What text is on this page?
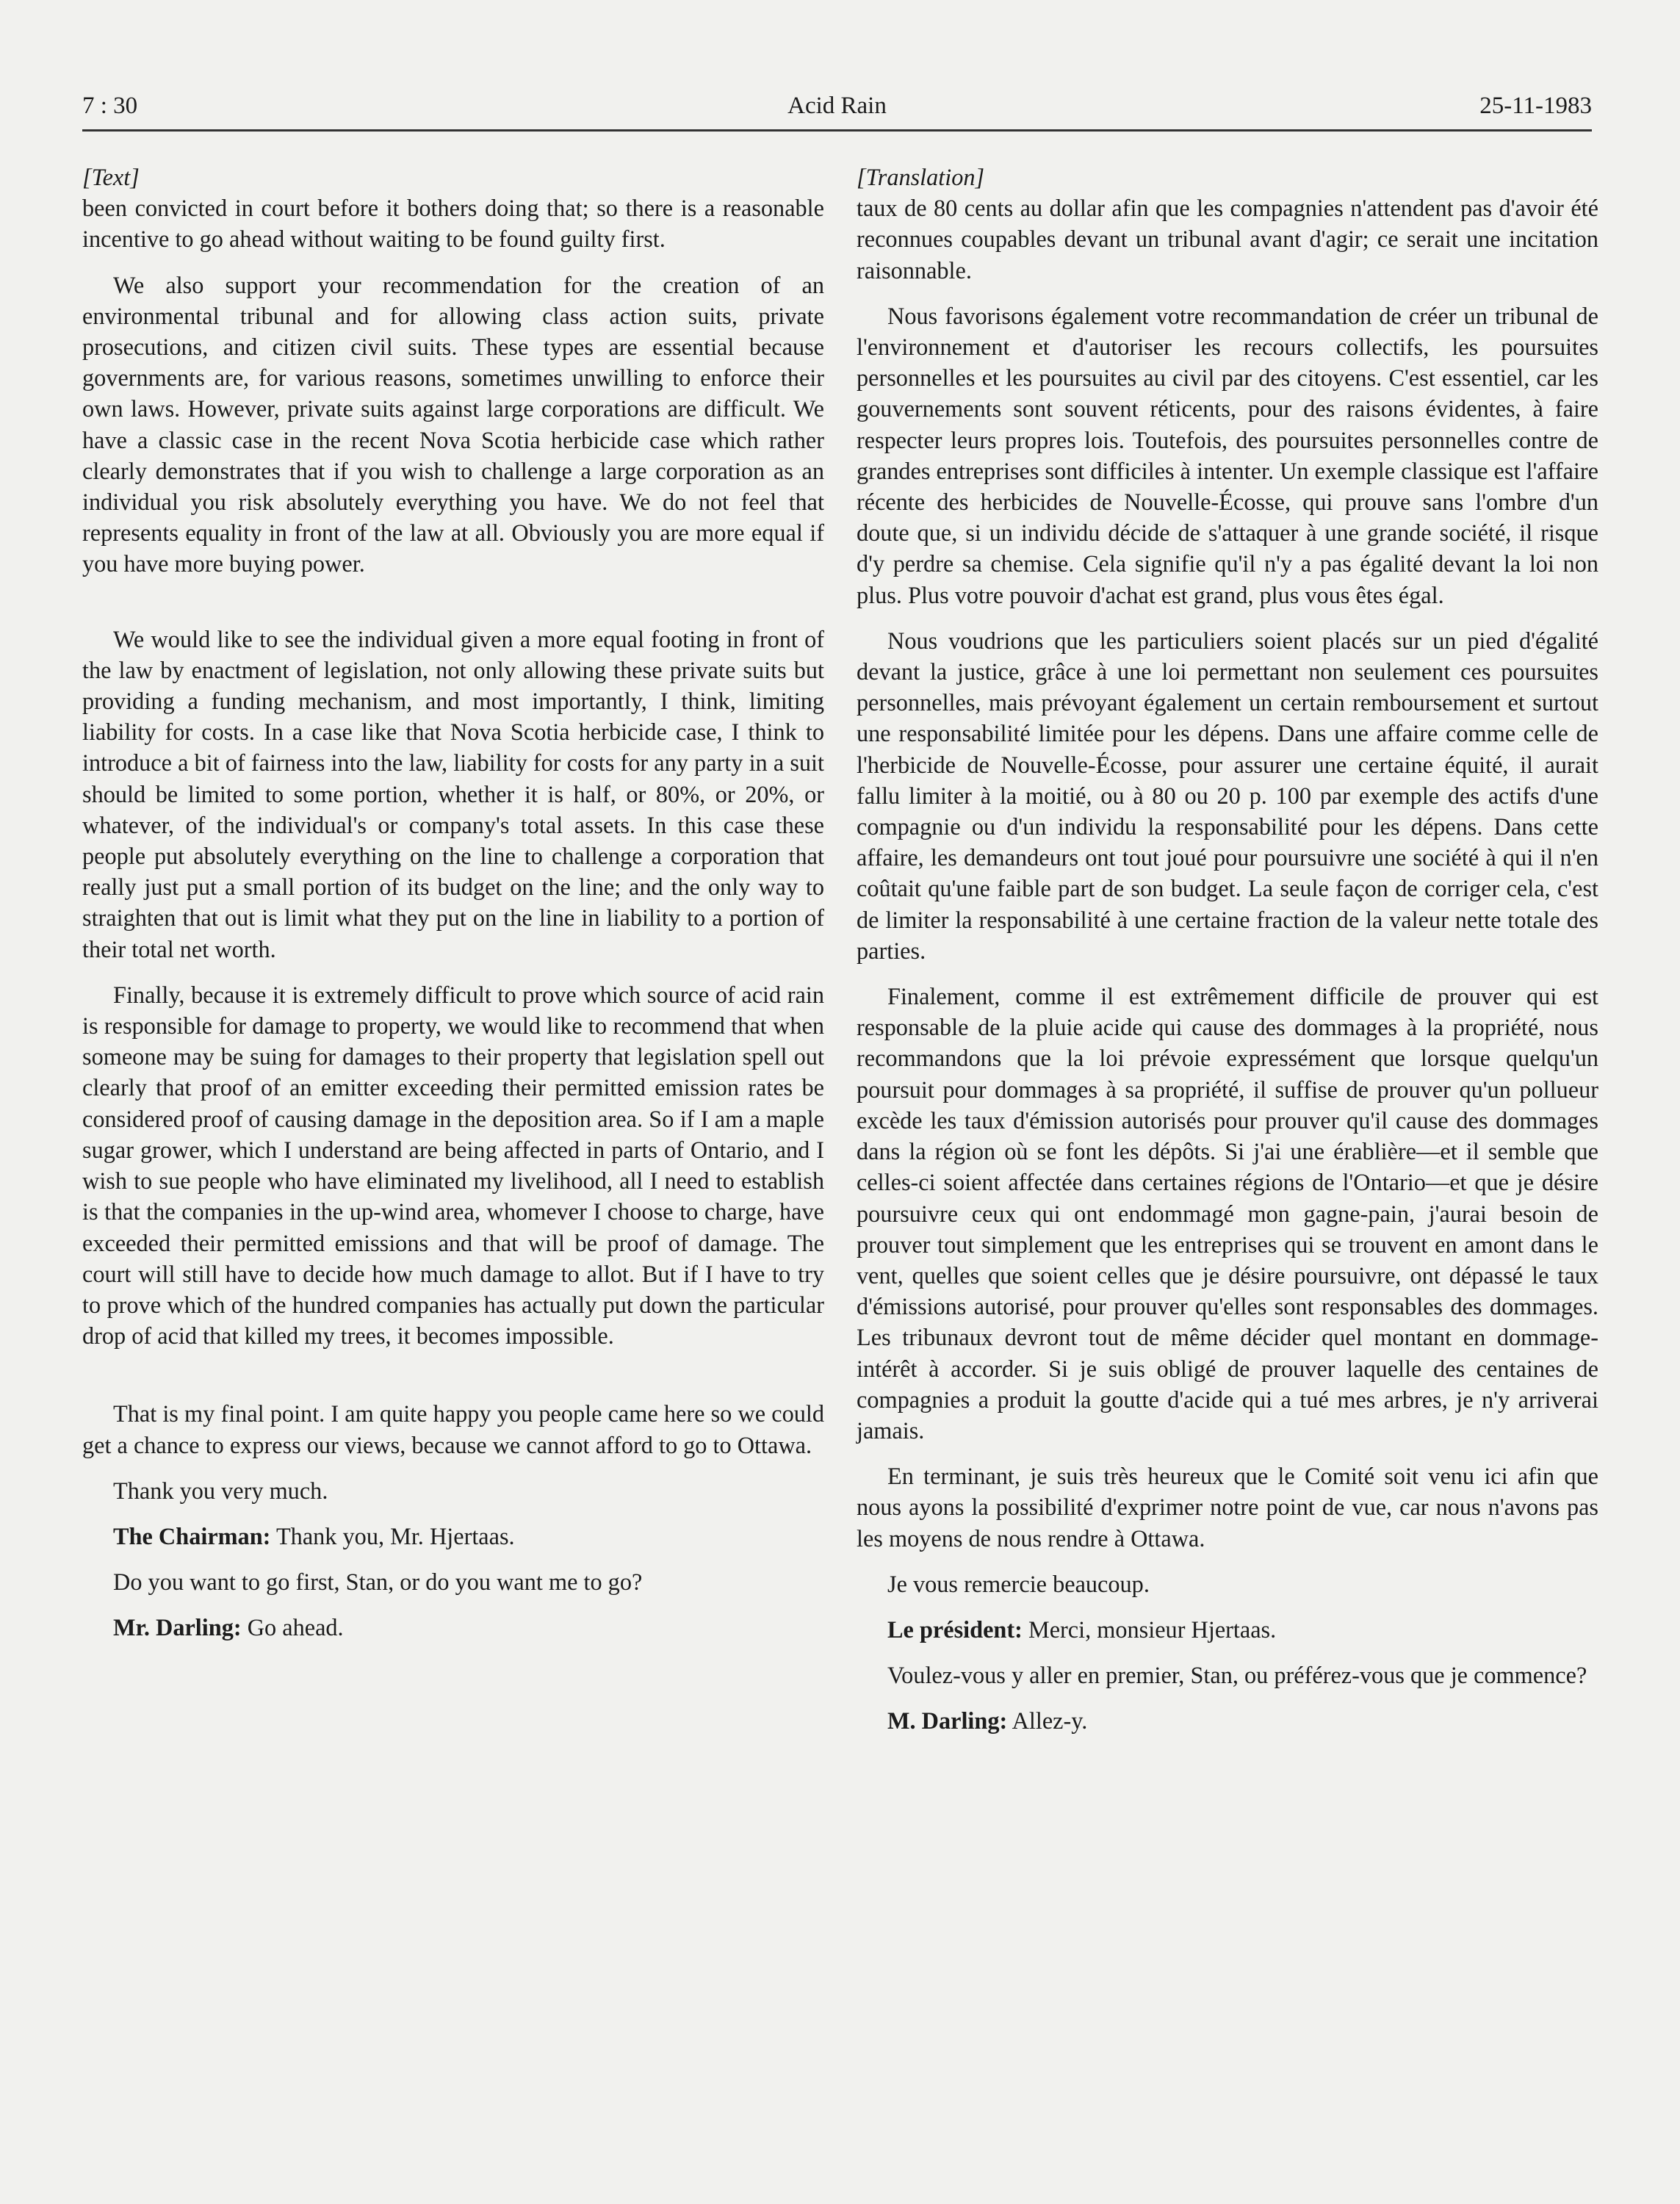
7 : 30	Acid Rain	25-11-1983

[Text]

been convicted in court before it bothers doing that; so there is a reasonable incentive to go ahead without waiting to be found guilty first.

We also support your recommendation for the creation of an environmental tribunal and for allowing class action suits, private prosecutions, and citizen civil suits. These types are essential because governments are, for various reasons, sometimes unwilling to enforce their own laws. However, private suits against large corporations are difficult. We have a classic case in the recent Nova Scotia herbicide case which rather clearly demonstrates that if you wish to challenge a large corporation as an individual you risk absolutely everything you have. We do not feel that represents equality in front of the law at all. Obviously you are more equal if you have more buying power.

We would like to see the individual given a more equal footing in front of the law by enactment of legislation, not only allowing these private suits but providing a funding mechanism, and most importantly, I think, limiting liability for costs. In a case like that Nova Scotia herbicide case, I think to introduce a bit of fairness into the law, liability for costs for any party in a suit should be limited to some portion, whether it is half, or 80%, or 20%, or whatever, of the individual's or company's total assets. In this case these people put absolutely everything on the line to challenge a corporation that really just put a small portion of its budget on the line; and the only way to straighten that out is limit what they put on the line in liability to a portion of their total net worth.

Finally, because it is extremely difficult to prove which source of acid rain is responsible for damage to property, we would like to recommend that when someone may be suing for damages to their property that legislation spell out clearly that proof of an emitter exceeding their permitted emission rates be considered proof of causing damage in the deposition area. So if I am a maple sugar grower, which I understand are being affected in parts of Ontario, and I wish to sue people who have eliminated my livelihood, all I need to establish is that the companies in the up-wind area, whomever I choose to charge, have exceeded their permitted emissions and that will be proof of damage. The court will still have to decide how much damage to allot. But if I have to try to prove which of the hundred companies has actually put down the particular drop of acid that killed my trees, it becomes impossible.

That is my final point. I am quite happy you people came here so we could get a chance to express our views, because we cannot afford to go to Ottawa.

Thank you very much.

The Chairman: Thank you, Mr. Hjertaas.

Do you want to go first, Stan, or do you want me to go?

Mr. Darling: Go ahead.

[Translation]

taux de 80 cents au dollar afin que les compagnies n'attendent pas d'avoir été reconnues coupables devant un tribunal avant d'agir; ce serait une incitation raisonnable.

Nous favorisons également votre recommandation de créer un tribunal de l'environnement et d'autoriser les recours collectifs, les poursuites personnelles et les poursuites au civil par des citoyens. C'est essentiel, car les gouvernements sont souvent réticents, pour des raisons évidentes, à faire respecter leurs propres lois. Toutefois, des poursuites personnelles contre de grandes entreprises sont difficiles à intenter. Un exemple classique est l'affaire récente des herbicides de Nouvelle-Écosse, qui prouve sans l'ombre d'un doute que, si un individu décide de s'attaquer à une grande société, il risque d'y perdre sa chemise. Cela signifie qu'il n'y a pas égalité devant la loi non plus. Plus votre pouvoir d'achat est grand, plus vous êtes égal.

Nous voudrions que les particuliers soient placés sur un pied d'égalité devant la justice, grâce à une loi permettant non seulement ces poursuites personnelles, mais prévoyant également un certain remboursement et surtout une responsabilité limitée pour les dépens. Dans une affaire comme celle de l'herbicide de Nouvelle-Écosse, pour assurer une certaine équité, il aurait fallu limiter à la moitié, ou à 80 ou 20 p. 100 par exemple des actifs d'une compagnie ou d'un individu la responsabilité pour les dépens. Dans cette affaire, les demandeurs ont tout joué pour poursuivre une société à qui il n'en coûtait qu'une faible part de son budget. La seule façon de corriger cela, c'est de limiter la responsabilité à une certaine fraction de la valeur nette totale des parties.

Finalement, comme il est extrêmement difficile de prouver qui est responsable de la pluie acide qui cause des dommages à la propriété, nous recommandons que la loi prévoie expressément que lorsque quelqu'un poursuit pour dommages à sa propriété, il suffise de prouver qu'un pollueur excède les taux d'émission autorisés pour prouver qu'il cause des dommages dans la région où se font les dépôts. Si j'ai une érablière—et il semble que celles-ci soient affectée dans certaines régions de l'Ontario—et que je désire poursuivre ceux qui ont endommagé mon gagne-pain, j'aurai besoin de prouver tout simplement que les entreprises qui se trouvent en amont dans le vent, quelles que soient celles que je désire poursuivre, ont dépassé le taux d'émissions autorisé, pour prouver qu'elles sont responsables des dommages. Les tribunaux devront tout de même décider quel montant en dommage-intérêt à accorder. Si je suis obligé de prouver laquelle des centaines de compagnies a produit la goutte d'acide qui a tué mes arbres, je n'y arriverai jamais.

En terminant, je suis très heureux que le Comité soit venu ici afin que nous ayons la possibilité d'exprimer notre point de vue, car nous n'avons pas les moyens de nous rendre à Ottawa.

Je vous remercie beaucoup.

Le président: Merci, monsieur Hjertaas.

Voulez-vous y aller en premier, Stan, ou préférez-vous que je commence?

M. Darling: Allez-y.
